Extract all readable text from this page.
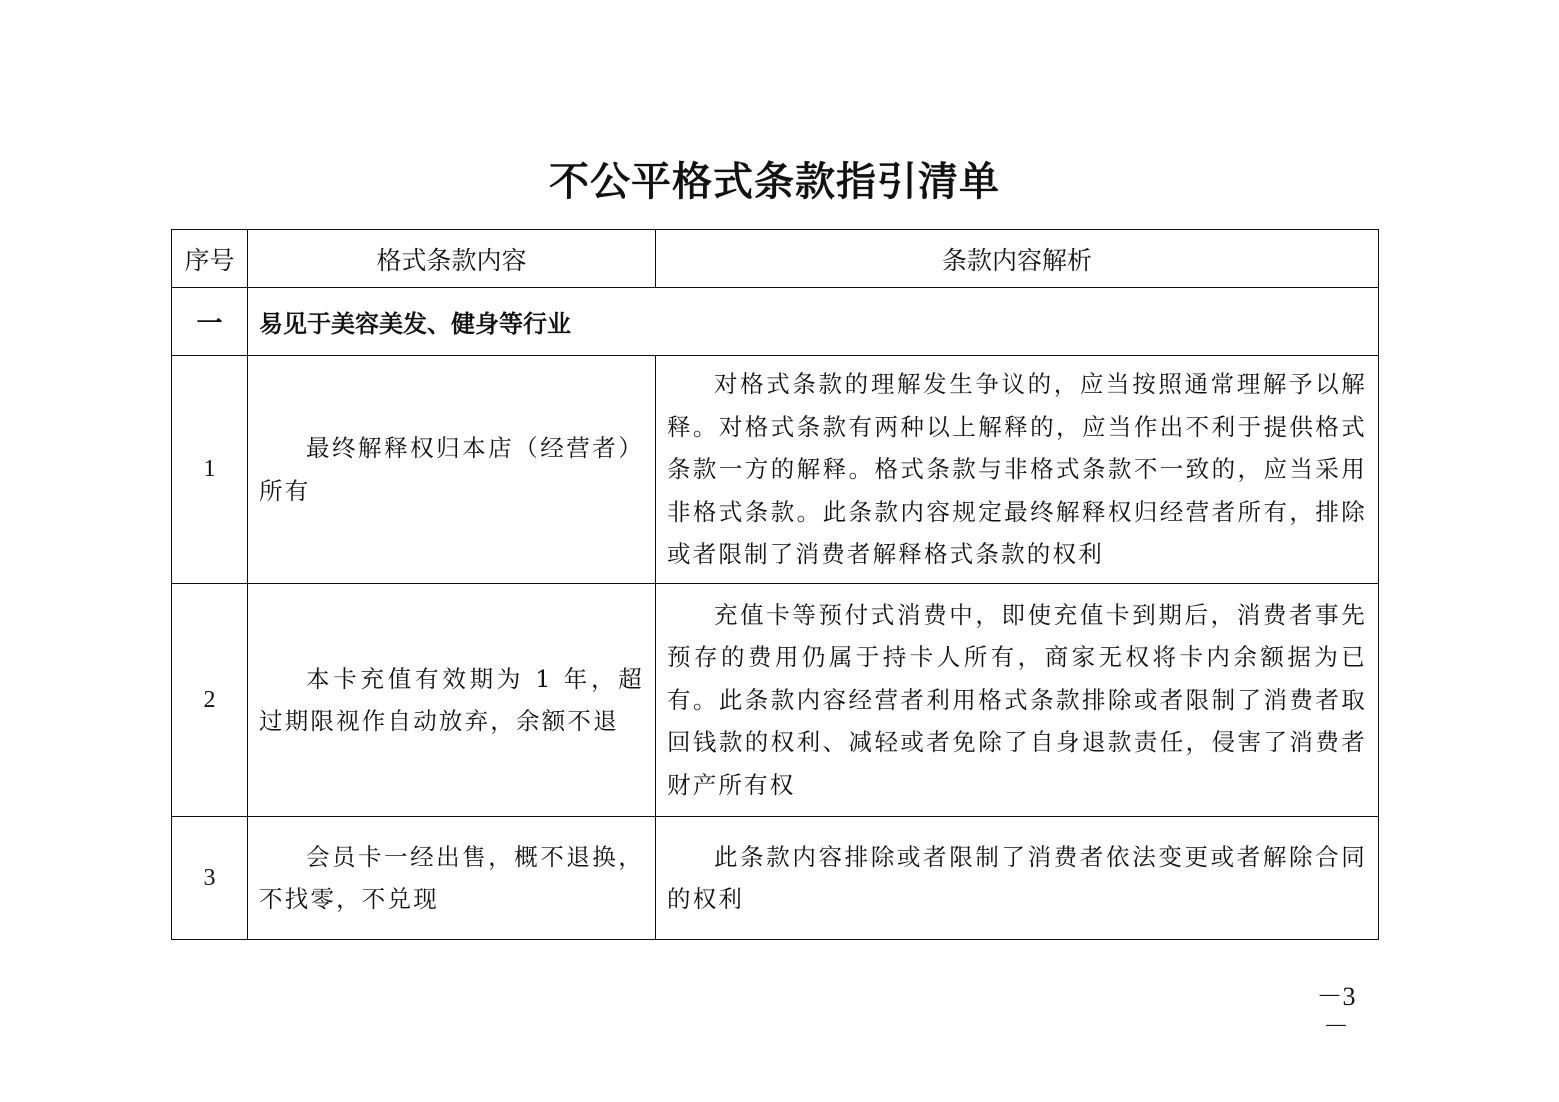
不公平格式条款指引清单
序号	格式条款内容	条款内容解析
一	易见于美容美发、健身等行业	
1	最终解释权归本店（经营者）所有	对格式条款的理解发生争议的，应当按照通常理解予以解释。对格式条款有两种以上解释的，应当作出不利于提供格式条款一方的解释。格式条款与非格式条款不一致的，应当采用非格式条款。此条款内容规定最终解释权归经营者所有，排除或者限制了消费者解释格式条款的权利

2	本卡充值有效期为 1 年，超过期限视作自动放弃，余额不退	充值卡等预付式消费中，即使充值卡到期后，消费者事先预存的费用仍属于持卡人所有，商家无权将卡内余额据为已有。此条款内容经营者利用格式条款排除或者限制了消费者取回钱款的权利、减轻或者免除了自身退款责任，侵害了消费者财产所有权

3	会员卡一经出售，概不退换，不找零，不兑现	此条款内容排除或者限制了消费者依法变更或者解除合同的权利
－3－
